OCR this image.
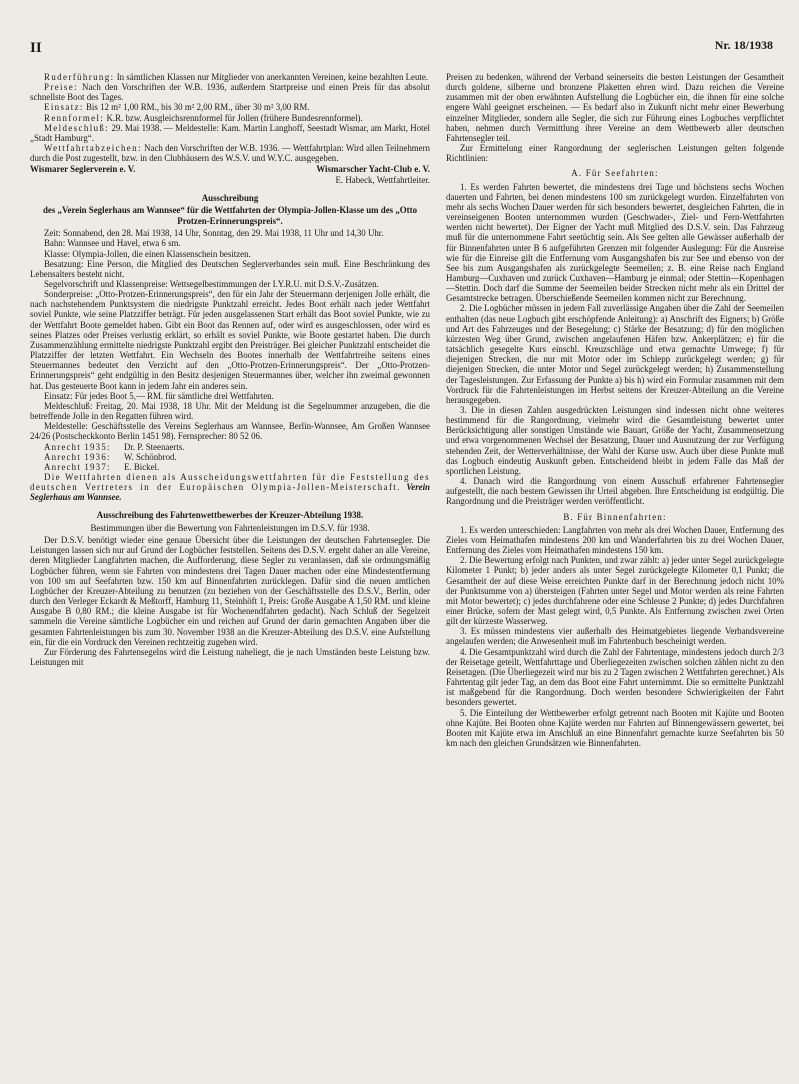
II	Nr. 18/1938

Ruderführung: In sämtlichen Klassen nur Mitglieder von anerkannten Vereinen, keine bezahlten Leute.

Preise: Nach den Vorschriften der W.B. 1936, außerdem Startpreise und einen Preis für das absolut schnellste Boot des Tages.

Einsatz: Bis 12 m² 1,00 RM., bis 30 m² 2,00 RM., über 30 m² 3,00 RM.

Rennformel: K.R. bzw. Ausgleichsrennformel für Jollen (frühere Bundesrennformel).

Meldeschluß: 29. Mai 1938. — Meldestelle: Kam. Martin Langhoff, Seestadt Wismar, am Markt, Hotel „Stadt Hamburg“.

Wettfahrtabzeichen: Nach den Vorschriften der W.B. 1936. — Wettfahrtplan: Wird allen Teilnehmern durch die Post zugestellt, bzw. in den Clubhäusern des W.S.V. und W.Y.C. ausgegeben.

Wismarer Seglerverein e. V.	Wismarscher Yacht-Club e. V.
E. Habeck, Wettfahrtleiter.
Ausschreibung
des „Verein Seglerhaus am Wannsee“ für die Wettfahrten der Olympia-Jollen-Klasse um des „Otto Protzen-Erinnerungspreis“.

Zeit: Sonnabend, den 28. Mai 1938, 14 Uhr, Sonntag, den 29. Mai 1938, 11 Uhr und 14,30 Uhr.

Bahn: Wannsee und Havel, etwa 6 sm.

Klasse: Olympia-Jollen, die einen Klassenschein besitzen.

Besatzung: Eine Person, die Mitglied des Deutschen Seglerverbandes sein muß. Eine Beschränkung des Lebensalters besteht nicht.

Segelvorschrift und Klassenpreise: Wettsegelbestimmungen der I.Y.R.U. mit D.S.V.-Zusätzen.

Sonderpreise: „Otto-Protzen-Erinnerungspreis“, den für ein Jahr der Steuermann derjenigen Jolle erhält, die nach nachstehendem Punktsystem die niedrigste Punktzahl erreicht. Jedes Boot erhält nach jeder Wettfahrt soviel Punkte, wie seine Platzziffer beträgt. Für jeden ausgelassenen Start erhält das Boot soviel Punkte, wie zu der Wettfahrt Boote gemeldet haben. Gibt ein Boot das Rennen auf, oder wird es ausgeschlossen, oder wird es seines Platzes oder Preises verlustig erklärt, so erhält es soviel Punkte, wie Boote gestartet haben. Die durch Zusammenzählung ermittelte niedrigste Punktzahl ergibt den Preisträger. Bei gleicher Punktzahl entscheidet die Platzziffer der letzten Wettfahrt. Ein Wechseln des Bootes innerhalb der Wettfahrtreihe seitens eines Steuermannes bedeutet den Verzicht auf den „Otto-Protzen-Erinnerungspreis“. Der „Otto-Protzen-Erinnerungspreis“ geht endgültig in den Besitz desjenigen Steuermannes über, welcher ihn zweimal gewonnen hat. Das gesteuerte Boot kann in jedem Jahr ein anderes sein.

Einsatz: Für jedes Boot 5,— RM. für sämtliche drei Wettfahrten.

Meldeschluß: Freitag, 20. Mai 1938, 18 Uhr. Mit der Meldung ist die Segelnummer anzugeben, die die betreffende Jolle in den Regatten führen wird.

Meldestelle: Geschäftsstelle des Vereins Seglerhaus am Wannsee, Berlin-Wannsee, Am Großen Wannsee 24/26 (Postscheckkonto Berlin 1451 98). Fernsprecher: 80 52 06.

Anrecht 1935:	Dr. P. Steenaerts.
Anrecht 1936:	W. Schönbrod.
Anrecht 1937:	E. Bickel.

Die Wettfahrten dienen als Ausscheidungswettfahrten für die Feststellung des deutschen Vertreters in der Europäischen Olympia-Jollen-Meisterschaft. Verein Seglerhaus am Wannsee.

Ausschreibung des Fahrtenwettbewerbes der Kreuzer-Abteilung 1938.
Bestimmungen über die Bewertung von Fahrtenleistungen im D.S.V. für 1938.

Der D.S.V. benötigt wieder eine genaue Übersicht über die Leistungen der deutschen Fahrtensegler. Die Leistungen lassen sich nur auf Grund der Logbücher feststellen. Seitens des D.S.V. ergeht daher an alle Vereine, deren Mitglieder Langfahrten machen, die Aufforderung, diese Segler zu veranlassen, daß sie ordnungsmäßig Logbücher führen, wenn sie Fahrten von mindestens drei Tagen Dauer machen oder eine Mindestentfernung von 100 sm auf Seefahrten bzw. 150 km auf Binnenfahrten zurücklegen. Dafür sind die neuen amtlichen Logbücher der Kreuzer-Abteilung zu benutzen (zu beziehen von der Geschäftsstelle des D.S.V., Berlin, oder durch den Verleger Eckardt & Meßtorff, Hamburg 11, Steinhöft 1, Preis: Große Ausgabe A 1,50 RM. und kleine Ausgabe B 0,80 RM.; die kleine Ausgabe ist für Wochenendfahrten gedacht). Nach Schluß der Segelzeit sammeln die Vereine sämtliche Logbücher ein und reichen auf Grund der darin gemachten Angaben über die gesamten Fahrtenleistungen bis zum 30. November 1938 an die Kreuzer-Abteilung des D.S.V. eine Aufstellung ein, für die ein Vordruck den Vereinen rechtzeitig zugehen wird.

Zur Förderung des Fahrtensegelns wird die Leistung naheliegt, die je nach Umständen beste Leistung bzw. Leistungen mit

Preisen zu bedenken, während der Verband seinerseits die besten Leistungen der Gesamtheit durch goldene, silberne und bronzene Plaketten ehren wird. Dazu reichen die Vereine zusammen mit der oben erwähnten Aufstellung die Logbücher ein, die ihnen für eine solche engere Wahl geeignet erscheinen. — Es bedarf also in Zukunft nicht mehr einer Bewerbung einzelner Mitglieder, sondern alle Segler, die sich zur Führung eines Logbuches verpflichtet haben, nehmen durch Vermittlung ihrer Vereine an dem Wettbewerb aller deutschen Fahrtensegler teil.

Zur Ermittelung einer Rangordnung der seglerischen Leistungen gelten folgende Richtlinien:

A. Für Seefahrten:

1. Es werden Fahrten bewertet, die mindestens drei Tage und höchstens sechs Wochen dauerten und Fahrten, bei denen mindestens 100 sm zurückgelegt wurden. Einzelfahrten von mehr als sechs Wochen Dauer werden für sich besonders bewertet, desgleichen Fahrten, die in vereinseigenen Booten unternommen wurden (Geschwader-, Ziel- und Fern-Wettfahrten werden nicht bewertet). Der Eigner der Yacht muß Mitglied des D.S.V. sein. Das Fahrzeug muß für die unternommene Fahrt seetüchtig sein. Als See gelten alle Gewässer außerhalb der für Binnenfahrten unter B 6 aufgeführten Grenzen mit folgender Auslegung: Für die Ausreise wie für die Einreise gilt die Entfernung vom Ausgangshafen bis zur See und ebenso von der See bis zum Ausgangshafen als zurückgelegte Seemeilen; z. B. eine Reise nach England Hamburg—Cuxhaven und zurück Cuxhaven—Hamburg je einmal; oder Stettin—Kopenhagen—Stettin. Doch darf die Summe der Seemeilen beider Strecken nicht mehr als ein Drittel der Gesamtstrecke betragen. Überschießende Seemeilen kommen nicht zur Berechnung.

2. Die Logbücher müssen in jedem Fall zuverlässige Angaben über die Zahl der Seemeilen enthalten (das neue Logbuch gibt erschöpfende Anleitung): a) Anschrift des Eigners; b) Größe und Art des Fahrzeuges und der Besegelung; c) Stärke der Besatzung; d) für den möglichen kürzesten Weg über Grund, zwischen angelaufenen Häfen bzw. Ankerplätzen; e) für die tatsächlich gesegelte Kurs einschl. Kreuzschläge und etwa gemachte Umwege; f) für diejenigen Strecken, die nur mit Motor oder im Schlepp zurückgelegt werden; g) für diejenigen Strecken, die unter Motor und Segel zurückgelegt werden; h) Zusammenstellung der Tagesleistungen. Zur Erfassung der Punkte a) bis h) wird ein Formular zusammen mit dem Vordruck für die Fahrtenleistungen im Herbst seitens der Kreuzer-Abteilung an die Vereine herausgegeben.

3. Die in diesen Zahlen ausgedrückten Leistungen sind indessen nicht ohne weiteres bestimmend für die Rangordnung, vielmehr wird die Gesamtleistung bewertet unter Berücksichtigung aller sonstigen Umstände wie Bauart, Größe der Yacht, Zusammensetzung und etwa vorgenommenen Wechsel der Besatzung, Dauer und Ausnutzung der zur Verfügung stehenden Zeit, der Wetterverhältnisse, der Wahl der Kurse usw. Auch über diese Punkte muß das Logbuch eindeutig Auskunft geben. Entscheidend bleibt in jedem Falle das Maß der sportlichen Leistung.

4. Danach wird die Rangordnung von einem Ausschuß erfahrener Fahrtensegler aufgestellt, die nach bestem Gewissen ihr Urteil abgeben. Ihre Entscheidung ist endgültig. Die Rangordnung und die Preisträger werden veröffentlicht.

B. Für Binnenfahrten:

1. Es werden unterschieden: Langfahrten von mehr als drei Wochen Dauer, Entfernung des Zieles vom Heimathafen mindestens 200 km und Wanderfahrten bis zu drei Wochen Dauer, Entfernung des Zieles vom Heimathafen mindestens 150 km.

2. Die Bewertung erfolgt nach Punkten, und zwar zählt: a) jeder unter Segel zurückgelegte Kilometer 1 Punkt; b) jeder anders als unter Segel zurückgelegte Kilometer 0,1 Punkt; die Gesamtheit der auf diese Weise erreichten Punkte darf in der Berechnung jedoch nicht 10% der Punktsumme von a) übersteigen (Fahrten unter Segel und Motor werden als reine Fahrten mit Motor bewertet); c) jedes durchfahrene oder eine Schleuse 2 Punkte; d) jedes Durchfahren einer Brücke, sofern der Mast gelegt wird, 0,5 Punkte. Als Entfernung zwischen zwei Orten gilt der kürzeste Wasserweg.

3. Es müssen mindestens vier außerhalb des Heimatgebietes liegende Verbandsvereine angelaufen werden; die Anwesenheit muß im Fahrtenbuch bescheinigt werden.

4. Die Gesamtpunktzahl wird durch die Zahl der Fahrtentage, mindestens jedoch durch 2/3 der Reisetage geteilt, Wettfahrttage und Überliegezeiten zwischen solchen zählen nicht zu den Reisetagen. (Die Überliegezeit wird nur bis zu 2 Tagen zwischen 2 Wettfahrten gerechnet.) Als Fahrtentag gilt jeder Tag, an dem das Boot eine Fahrt unternimmt. Die so ermittelte Punktzahl ist maßgebend für die Rangordnung. Doch werden besondere Schwierigkeiten der Fahrt besonders gewertet.

5. Die Einteilung der Wettbewerber erfolgt getrennt nach Booten mit Kajüte und Booten ohne Kajüte. Bei Booten ohne Kajüte werden nur Fahrten auf Binnengewässern gewertet, bei Booten mit Kajüte etwa im Anschluß an eine Binnenfahrt gemachte kurze Seefahrten bis 50 km nach den gleichen Grundsätzen wie Binnenfahrten.
